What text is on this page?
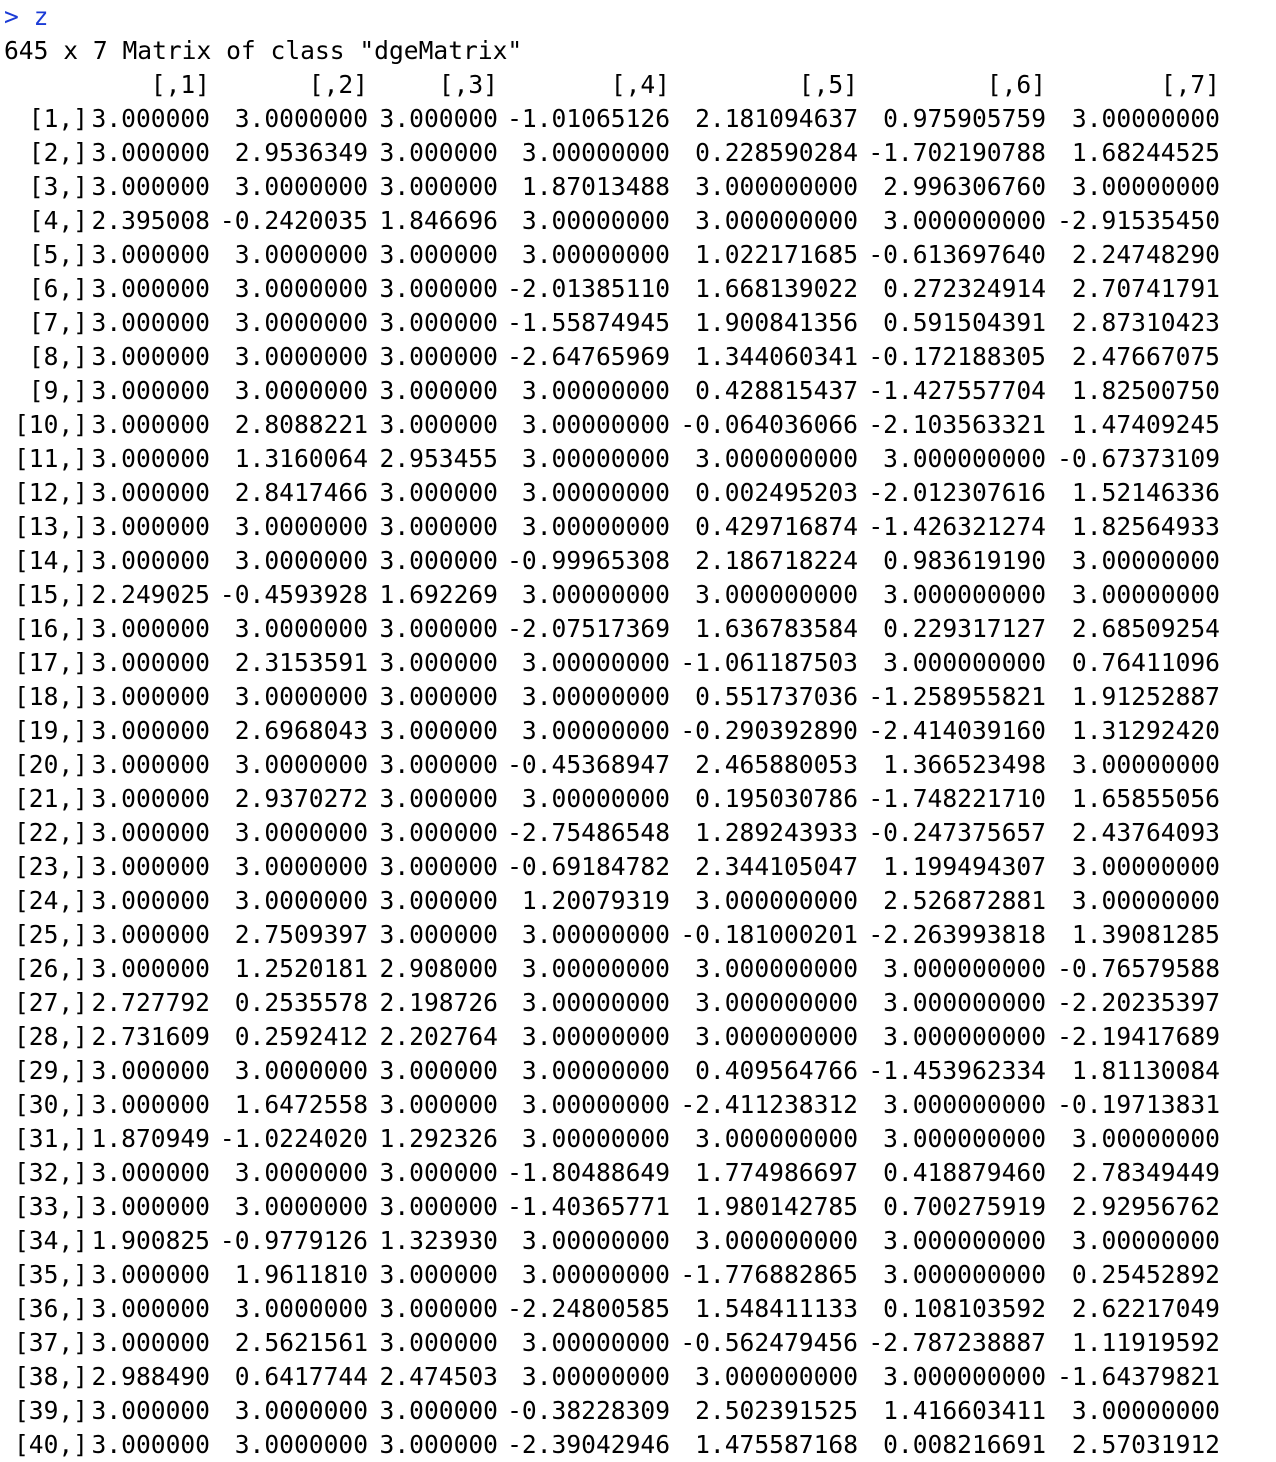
> z
645 x 7 Matrix of class "dgeMatrix"
	[,1]	[,2]	[,3]	[,4]	[,5]	[,6]	[,7]
[1,]	3.000000	3.0000000	3.000000	-1.01065126	2.181094637	0.975905759	3.00000000
[2,]	3.000000	2.9536349	3.000000	3.00000000	0.228590284	-1.702190788	1.68244525
[3,]	3.000000	3.0000000	3.000000	1.87013488	3.000000000	2.996306760	3.00000000
[4,]	2.395008	-0.2420035	1.846696	3.00000000	3.000000000	3.000000000	-2.91535450
[5,]	3.000000	3.0000000	3.000000	3.00000000	1.022171685	-0.613697640	2.24748290
[6,]	3.000000	3.0000000	3.000000	-2.01385110	1.668139022	0.272324914	2.70741791
[7,]	3.000000	3.0000000	3.000000	-1.55874945	1.900841356	0.591504391	2.87310423
[8,]	3.000000	3.0000000	3.000000	-2.64765969	1.344060341	-0.172188305	2.47667075
[9,]	3.000000	3.0000000	3.000000	3.00000000	0.428815437	-1.427557704	1.82500750
[10,]	3.000000	2.8088221	3.000000	3.00000000	-0.064036066	-2.103563321	1.47409245
[11,]	3.000000	1.3160064	2.953455	3.00000000	3.000000000	3.000000000	-0.67373109
[12,]	3.000000	2.8417466	3.000000	3.00000000	0.002495203	-2.012307616	1.52146336
[13,]	3.000000	3.0000000	3.000000	3.00000000	0.429716874	-1.426321274	1.82564933
[14,]	3.000000	3.0000000	3.000000	-0.99965308	2.186718224	0.983619190	3.00000000
[15,]	2.249025	-0.4593928	1.692269	3.00000000	3.000000000	3.000000000	3.00000000
[16,]	3.000000	3.0000000	3.000000	-2.07517369	1.636783584	0.229317127	2.68509254
[17,]	3.000000	2.3153591	3.000000	3.00000000	-1.061187503	3.000000000	0.76411096
[18,]	3.000000	3.0000000	3.000000	3.00000000	0.551737036	-1.258955821	1.91252887
[19,]	3.000000	2.6968043	3.000000	3.00000000	-0.290392890	-2.414039160	1.31292420
[20,]	3.000000	3.0000000	3.000000	-0.45368947	2.465880053	1.366523498	3.00000000
[21,]	3.000000	2.9370272	3.000000	3.00000000	0.195030786	-1.748221710	1.65855056
[22,]	3.000000	3.0000000	3.000000	-2.75486548	1.289243933	-0.247375657	2.43764093
[23,]	3.000000	3.0000000	3.000000	-0.69184782	2.344105047	1.199494307	3.00000000
[24,]	3.000000	3.0000000	3.000000	1.20079319	3.000000000	2.526872881	3.00000000
[25,]	3.000000	2.7509397	3.000000	3.00000000	-0.181000201	-2.263993818	1.39081285
[26,]	3.000000	1.2520181	2.908000	3.00000000	3.000000000	3.000000000	-0.76579588
[27,]	2.727792	0.2535578	2.198726	3.00000000	3.000000000	3.000000000	-2.20235397
[28,]	2.731609	0.2592412	2.202764	3.00000000	3.000000000	3.000000000	-2.19417689
[29,]	3.000000	3.0000000	3.000000	3.00000000	0.409564766	-1.453962334	1.81130084
[30,]	3.000000	1.6472558	3.000000	3.00000000	-2.411238312	3.000000000	-0.19713831
[31,]	1.870949	-1.0224020	1.292326	3.00000000	3.000000000	3.000000000	3.00000000
[32,]	3.000000	3.0000000	3.000000	-1.80488649	1.774986697	0.418879460	2.78349449
[33,]	3.000000	3.0000000	3.000000	-1.40365771	1.980142785	0.700275919	2.92956762
[34,]	1.900825	-0.9779126	1.323930	3.00000000	3.000000000	3.000000000	3.00000000
[35,]	3.000000	1.9611810	3.000000	3.00000000	-1.776882865	3.000000000	0.25452892
[36,]	3.000000	3.0000000	3.000000	-2.24800585	1.548411133	0.108103592	2.62217049
[37,]	3.000000	2.5621561	3.000000	3.00000000	-0.562479456	-2.787238887	1.11919592
[38,]	2.988490	0.6417744	2.474503	3.00000000	3.000000000	3.000000000	-1.64379821
[39,]	3.000000	3.0000000	3.000000	-0.38228309	2.502391525	1.416603411	3.00000000
[40,]	3.000000	3.0000000	3.000000	-2.39042946	1.475587168	0.008216691	2.57031912
